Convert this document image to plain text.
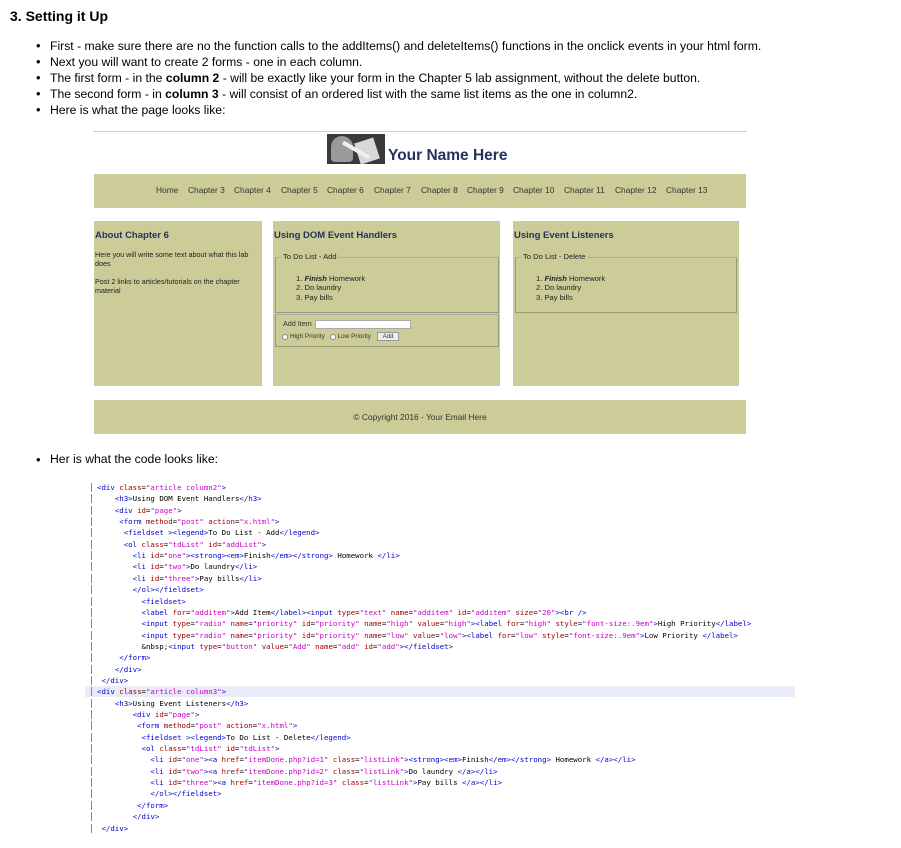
3. Setting it Up
• First - make sure there are no the function calls to the addItems() and deleteItems() functions in the onclick events in your html form.
• Next you will want to create 2 forms - one in each column.
• The first form - in the column 2 - will be exactly like your form in the Chapter 5 lab assignment, without the delete button.
• The second form - in column 3 - will consist of an ordered list with the same list items as the one in column2.
• Here is what the page looks like:
Your Name Here
Home Chapter 3 Chapter 4 Chapter 5 Chapter 6 Chapter 7 Chapter 8 Chapter 9 Chapter 10 Chapter 11 Chapter 12 Chapter 13
About Chapter 6
Here you will write some text about what this lab does
Post 2 links to articles/tutorials on the chapter material
Using DOM Event Handlers
To Do List - Add
1. Finish Homework
2. Do laundry
3. Pay bills
Add Item
High Priority Low Priority Add
Using Event Listeners
To Do List - Delete
1. Finish Homework
2. Do laundry
3. Pay bills
© Copyright 2016 - Your Email Here
• Her is what the code looks like:
<div class="article column2">
<h3>Using DOM Event Handlers</h3>
<div id="page">
<form method="post" action="x.html">
<fieldset ><legend>To Do List - Add</legend>
<ol class="tdList" id="addList">
<li id="one"><strong><em>Finish</em></strong> Homework </li>
<li id="two">Do laundry</li>
<li id="three">Pay bills</li>
</ol></fieldset>
<fieldset>
<label for="additem">Add Item</label><input type="text" name="additem" id="additem" size="20"><br />
<input type="radio" name="priority" id="priority" name="high" value="high"><label for="high" style="font-size:.9em">High Priority</label>
<input type="radio" name="priority" id="priority" name="low" value="low"><label for="low" style="font-size:.9em">Low Priority </label>
&nbsp;<input type="button" value="Add" name="add" id="add"></fieldset>
</form>
</div>
</div>
<div class="article column3">
<h3>Using Event Listeners</h3>
<div id="page">
<form method="post" action="x.html">
<fieldset ><legend>To Do List - Delete</legend>
<ol class="tdList" id="tdList">
<li id="one"><a href="itemDone.php?id=1" class="listLink"><strong><em>Finish</em></strong> Homework </a></li>
<li id="two"><a href="itemDone.php?id=2" class="listLink">Do laundry </a></li>
<li id="three"><a href="itemDone.php?id=3" class="listLink">Pay bills </a></li>
</ol></fieldset>
</form>
</div>
</div>
